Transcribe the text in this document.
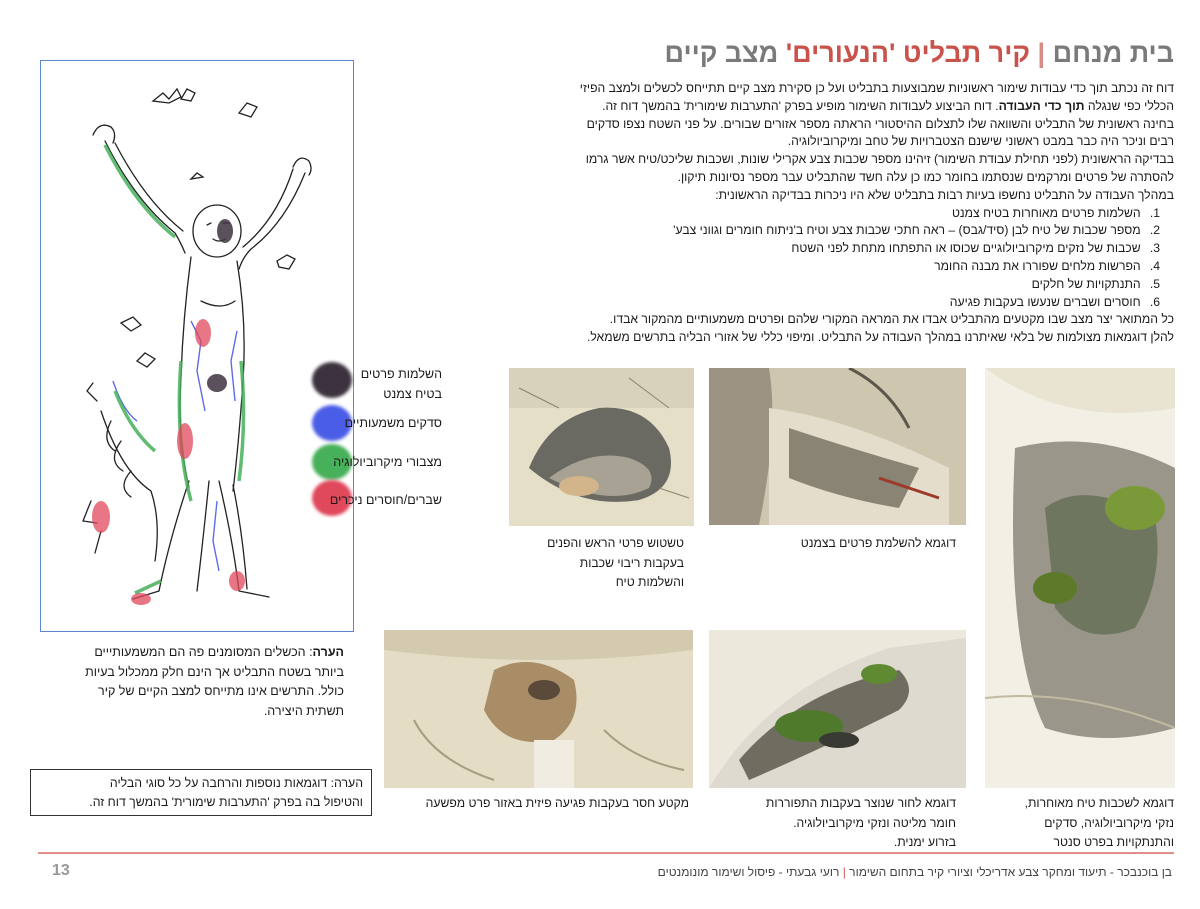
בית מנחם | קיר תבליט 'הנעורים' מצב קיים

דוח זה נכתב תוך כדי עבודות שימור ראשוניות שמבוצעות בתבליט ועל כן סקירת מצב קיים תתייחס לכשלים ולמצב הפיזי

הכללי כפי שנגלה תוך כדי העבודה. דוח הביצוע לעבודות השימור מופיע בפרק 'התערבות שימורית' בהמשך דוח זה.

בחינה ראשונית של התבליט והשוואה שלו לתצלום ההיסטורי הראתה מספר אזורים שבורים. על פני השטח נצפו סדקים

רבים וניכר היה כבר במבט ראשוני שישנם הצטברויות של טחב ומיקרוביולוגיה.

בבדיקה הראשונית (לפני תחילת עבודת השימור) זיהינו מספר שכבות צבע אקרילי שונות, ושכבות שליכט/טיח אשר גרמו

להסתרה של פרטים ומרקמים שנסתמו בחומר כמו כן עלה חשד שהתבליט עבר מספר נסיונות תיקון.

במהלך העבודה על התבליט נחשפו בעיות רבות בתבליט שלא היו ניכרות בבדיקה הראשונית:

1. השלמות פרטים מאוחרות בטיח צמנט
2. מספר שכבות של טיח לבן (סיד/גבס) – ראה חתכי שכבות צבע וטיח ב'ניתוח חומרים וגווני צבע'
3. שכבות של נזקים מיקרוביולוגיים שכוסו או התפתחו מתחת לפני השטח
4. הפרשות מלחים שפוררו את מבנה החומר
5. התנתקויות של חלקים
6. חוסרים ושברים שנעשו בעקבות פגיעה

כל המתואר יצר מצב שבו מקטעים מהתבליט אבדו את המראה המקורי שלהם ופרטים משמעותיים מהמקור אבדו.

להלן דוגמאות מצולמות של בלאי שאיתרנו במהלך העבודה על התבליט. ומיפוי כללי של אזורי הבליה בתרשים משמאל.

השלמות פרטים
בטיח צמנט
סדקים משמעותיים
מצבורי מיקרוביולוגיה
שברים/חוסרים ניכרים

טשטוש פרטי הראש והפנים

בעקבות ריבוי שכבות

והשלמות טיח

דוגמא להשלמת פרטים בצמנט

מקטע חסר בעקבות פגיעה פיזית באזור פרט מפשעה	דוגמא לחור שנוצר בעקבות התפוררות

חומר מליטה ונזקי מיקרוביולוגיה.

בזרוע ימנית.

דוגמא לשכבות טיח מאוחרות,

נזקי מיקרוביולוגיה, סדקים

והתנתקויות בפרט סנטר

הערה: הכשלים המסומנים פה הם המשמעותייים

ביותר בשטח התבליט אך הינם חלק ממכלול בעיות

כולל. התרשים אינו מתייחס למצב הקיים של קיר

תשתית היצירה.

הערה: דוגמאות נוספות והרחבה על כל סוגי הבליה

והטיפול בה בפרק 'התערבות שימורית' בהמשך דוח זה.

13	בן בוכנבכר - תיעוד ומחקר צבע אדריכלי וציורי קיר בתחום השימור | רועי גבעתי - פיסול ושימור מונומנטים
